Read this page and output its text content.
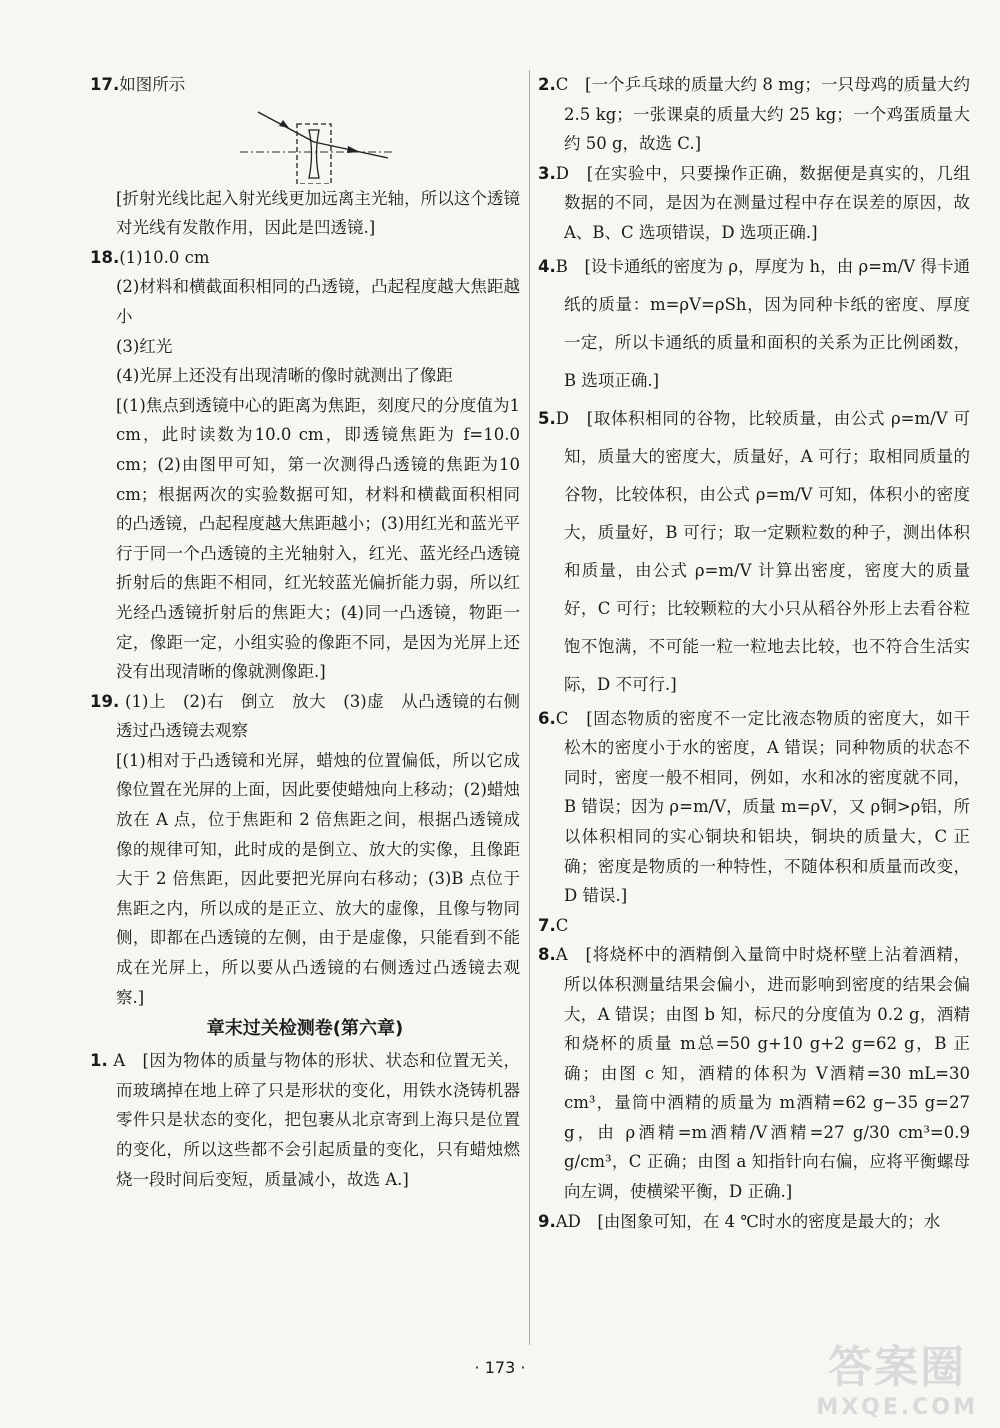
17.如图所示

[折射光线比起入射光线更加远离主光轴，所以这个透镜对光线有发散作用，因此是凹透镜.]

18.(1)10.0 cm

(2)材料和横截面积相同的凸透镜，凸起程度越大焦距越小

(3)红光

(4)光屏上还没有出现清晰的像时就测出了像距

[(1)焦点到透镜中心的距离为焦距，刻度尺的分度值为1 cm，此时读数为10.0 cm，即透镜焦距为 f=10.0 cm；(2)由图甲可知，第一次测得凸透镜的焦距为10 cm；根据两次的实验数据可知，材料和横截面积相同的凸透镜，凸起程度越大焦距越小；(3)用红光和蓝光平行于同一个凸透镜的主光轴射入，红光、蓝光经凸透镜折射后的焦距不相同，红光较蓝光偏折能力弱，所以红光经凸透镜折射后的焦距大；(4)同一凸透镜，物距一定，像距一定，小组实验的像距不同，是因为光屏上还没有出现清晰的像就测像距.]

19. (1)上　(2)右　倒立　放大　(3)虚　从凸透镜的右侧透过凸透镜去观察

[(1)相对于凸透镜和光屏，蜡烛的位置偏低，所以它成像位置在光屏的上面，因此要使蜡烛向上移动；(2)蜡烛放在 A 点，位于焦距和 2 倍焦距之间，根据凸透镜成像的规律可知，此时成的是倒立、放大的实像，且像距大于 2 倍焦距，因此要把光屏向右移动；(3)B 点位于焦距之内，所以成的是正立、放大的虚像，且像与物同侧，即都在凸透镜的左侧，由于是虚像，只能看到不能成在光屏上，所以要从凸透镜的右侧透过凸透镜去观察.]

章末过关检测卷(第六章)

1. A　 [因为物体的质量与物体的形状、状态和位置无关，而玻璃掉在地上碎了只是形状的变化，用铁水浇铸机器零件只是状态的变化，把包裹从北京寄到上海只是位置的变化，所以这些都不会引起质量的变化，只有蜡烛燃烧一段时间后变短，质量减小，故选 A.]

2.C　 [一个乒乓球的质量大约 8 mg；一只母鸡的质量大约2.5 kg；一张课桌的质量大约 25 kg；一个鸡蛋质量大约 50 g，故选 C.]

3.D　 [在实验中，只要操作正确，数据便是真实的，几组数据的不同，是因为在测量过程中存在误差的原因，故 A、B、C 选项错误，D 选项正确.]

4.B　 [设卡通纸的密度为 ρ，厚度为 h，由 ρ=m/V 得卡通纸的质量：m=ρV=ρSh，因为同种卡纸的密度、厚度一定，所以卡通纸的质量和面积的关系为正比例函数，B 选项正确.]

5.D　 [取体积相同的谷物，比较质量，由公式 ρ=m/V 可知，质量大的密度大，质量好，A 可行；取相同质量的谷物，比较体积，由公式 ρ=m/V 可知，体积小的密度大，质量好，B 可行；取一定颗粒数的种子，测出体积和质量，由公式 ρ=m/V 计算出密度，密度大的质量好，C 可行；比较颗粒的大小只从稻谷外形上去看谷粒饱不饱满，不可能一粒一粒地去比较，也不符合生活实际，D 不可行.]

6.C　 [固态物质的密度不一定比液态物质的密度大，如干松木的密度小于水的密度，A 错误；同种物质的状态不同时，密度一般不相同，例如，水和冰的密度就不同，B 错误；因为 ρ=m/V，质量 m=ρV，又 ρ铜>ρ铝，所以体积相同的实心铜块和铝块，铜块的质量大，C 正确；密度是物质的一种特性，不随体积和质量而改变，D 错误.]

7.C

8.A　 [将烧杯中的酒精倒入量筒中时烧杯壁上沾着酒精，所以体积测量结果会偏小，进而影响到密度的结果会偏大，A 错误；由图 b 知，标尺的分度值为 0.2 g，酒精和烧杯的质量 m总=50 g+10 g+2 g=62 g，B 正确；由图 c 知，酒精的体积为 V酒精=30 mL=30 cm³，量筒中酒精的质量为 m酒精=62 g−35 g=27 g，由 ρ酒精=m酒精/V酒精=27 g/30 cm³=0.9 g/cm³，C 正确；由图 a 知指针向右偏，应将平衡螺母向左调，使横梁平衡，D 正确.]

9.AD　 [由图象可知，在 4 ℃时水的密度是最大的；水

· 173 ·	答案圈
MXQE.COM
